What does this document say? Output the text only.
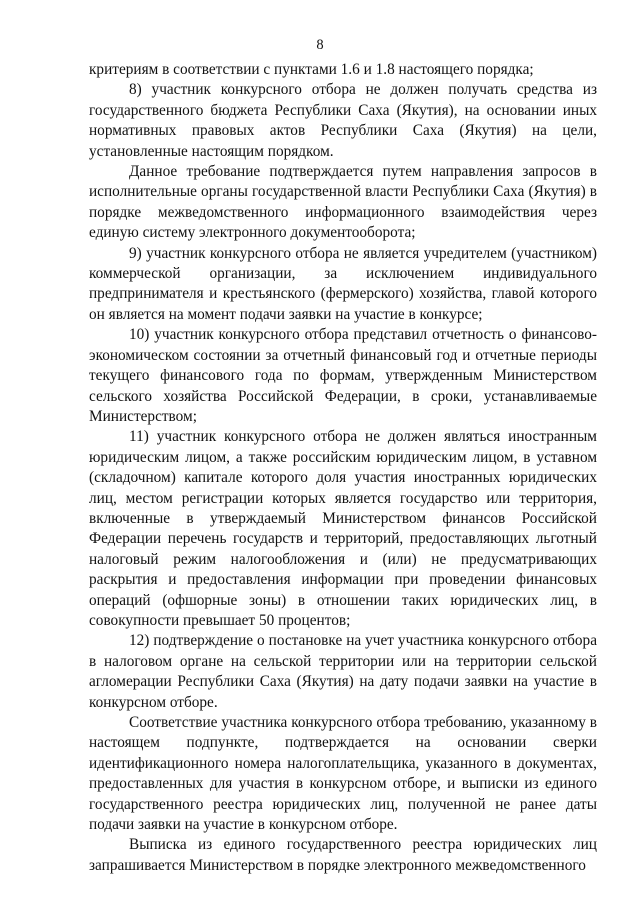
8

критериям в соответствии с пунктами 1.6 и 1.8 настоящего порядка;

8) участник конкурсного отбора не должен получать средства из государственного бюджета Республики Саха (Якутия), на основании иных нормативных правовых актов Республики Саха (Якутия) на цели, установленные настоящим порядком.

Данное требование подтверждается путем направления запросов в исполнительные органы государственной власти Республики Саха (Якутия) в порядке межведомственного информационного взаимодействия через единую систему электронного документооборота;

9) участник конкурсного отбора не является учредителем (участником) коммерческой организации, за исключением индивидуального предпринимателя и крестьянского (фермерского) хозяйства, главой которого он является на момент подачи заявки на участие в конкурсе;

10) участник конкурсного отбора представил отчетность о финансово-экономическом состоянии за отчетный финансовый год и отчетные периоды текущего финансового года по формам, утвержденным Министерством сельского хозяйства Российской Федерации, в сроки, устанавливаемые Министерством;

11) участник конкурсного отбора не должен являться иностранным юридическим лицом, а также российским юридическим лицом, в уставном (складочном) капитале которого доля участия иностранных юридических лиц, местом регистрации которых является государство или территория, включенные в утверждаемый Министерством финансов Российской Федерации перечень государств и территорий, предоставляющих льготный налоговый режим налогообложения и (или) не предусматривающих раскрытия и предоставления информации при проведении финансовых операций (офшорные зоны) в отношении таких юридических лиц, в совокупности превышает 50 процентов;

12) подтверждение о постановке на учет участника конкурсного отбора в налоговом органе на сельской территории или на территории сельской агломерации Республики Саха (Якутия) на дату подачи заявки на участие в конкурсном отборе.

Соответствие участника конкурсного отбора требованию, указанному в настоящем подпункте, подтверждается на основании сверки идентификационного номера налогоплательщика, указанного в документах, предоставленных для участия в конкурсном отборе, и выписки из единого государственного реестра юридических лиц, полученной не ранее даты подачи заявки на участие в конкурсном отборе.

Выписка из единого государственного реестра юридических лиц запрашивается Министерством в порядке электронного межведомственного
